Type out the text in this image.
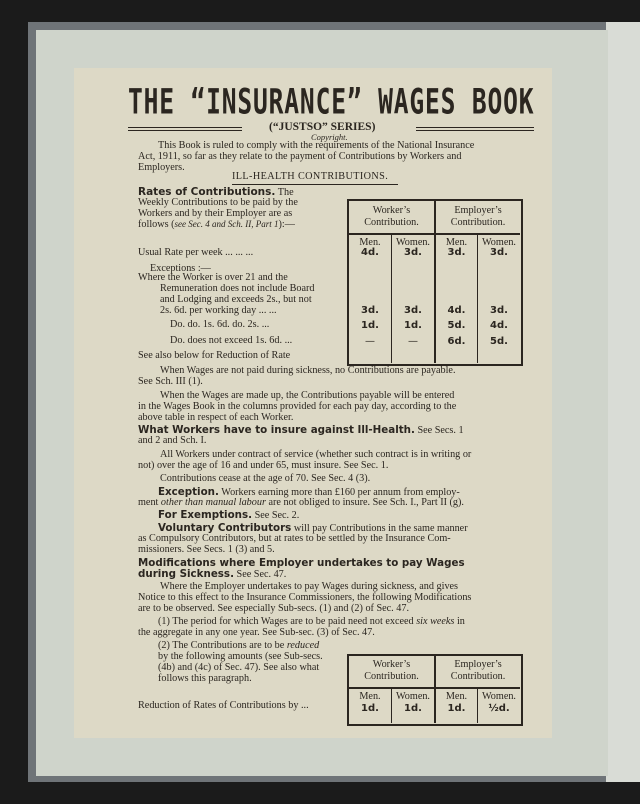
THE “INSURANCE” WAGES BOOK
(“JUSTSO” SERIES)
Copyright.
This Book is ruled to comply with the requirements of the National Insurance
Act, 1911, so far as they relate to the payment of Contributions by Workers and
Employers.
ILL-HEALTH CONTRIBUTIONS.
Rates of Contributions. The
Weekly Contributions to be paid by the
Workers and by their Employer are as
follows (see Sec. 4 and Sch. II, Part 1):—
Usual Rate per week ... ... ...
Exceptions :—
Where the Worker is over 21 and the
Remuneration does not include Board
and Lodging and exceeds 2s., but not
2s. 6d. per working day ... ...
Do. do. 1s. 6d. do. 2s. ...
Do. does not exceed 1s. 6d. ...
See also below for Reduction of Rate
Worker’s
Contribution.
Employer’s
Contribution.
Men.	Women.	Men.	Women.
4d.	3d.	3d.	3d.
3d.	3d.	4d.	3d.
1d.	1d.	5d.	4d.
—	—	6d.	5d.
When Wages are not paid during sickness, no Contributions are payable.
See Sch. III (1).
When the Wages are made up, the Contributions payable will be entered
in the Wages Book in the columns provided for each pay day, according to the
above table in respect of each Worker.
What Workers have to insure against Ill-Health. See Secs. 1
and 2 and Sch. I.
All Workers under contract of service (whether such contract is in writing or
not) over the age of 16 and under 65, must insure. See Sec. 1.
Contributions cease at the age of 70. See Sec. 4 (3).
Exception. Workers earning more than £160 per annum from employ-
ment other than manual labour are not obliged to insure. See Sch. I., Part II (g).
For Exemptions. See Sec. 2.
Voluntary Contributors will pay Contributions in the same manner
as Compulsory Contributors, but at rates to be settled by the Insurance Com-
missioners. See Secs. 1 (3) and 5.
Modifications where Employer undertakes to pay Wages
during Sickness. See Sec. 47.
Where the Employer undertakes to pay Wages during sickness, and gives
Notice to this effect to the Insurance Commissioners, the following Modifications
are to be observed. See especially Sub-secs. (1) and (2) of Sec. 47.
(1) The period for which Wages are to be paid need not exceed six weeks in
the aggregate in any one year. See Sub-sec. (3) of Sec. 47.
(2) The Contributions are to be reduced
by the following amounts (see Sub-secs.
(4b) and (4c) of Sec. 47). See also what
follows this paragraph.
Reduction of Rates of Contributions by ...
Worker’s
Contribution.
Employer’s
Contribution.
Men.	Women.	Men.	Women.
1d.	1d.	1d.	½d.
